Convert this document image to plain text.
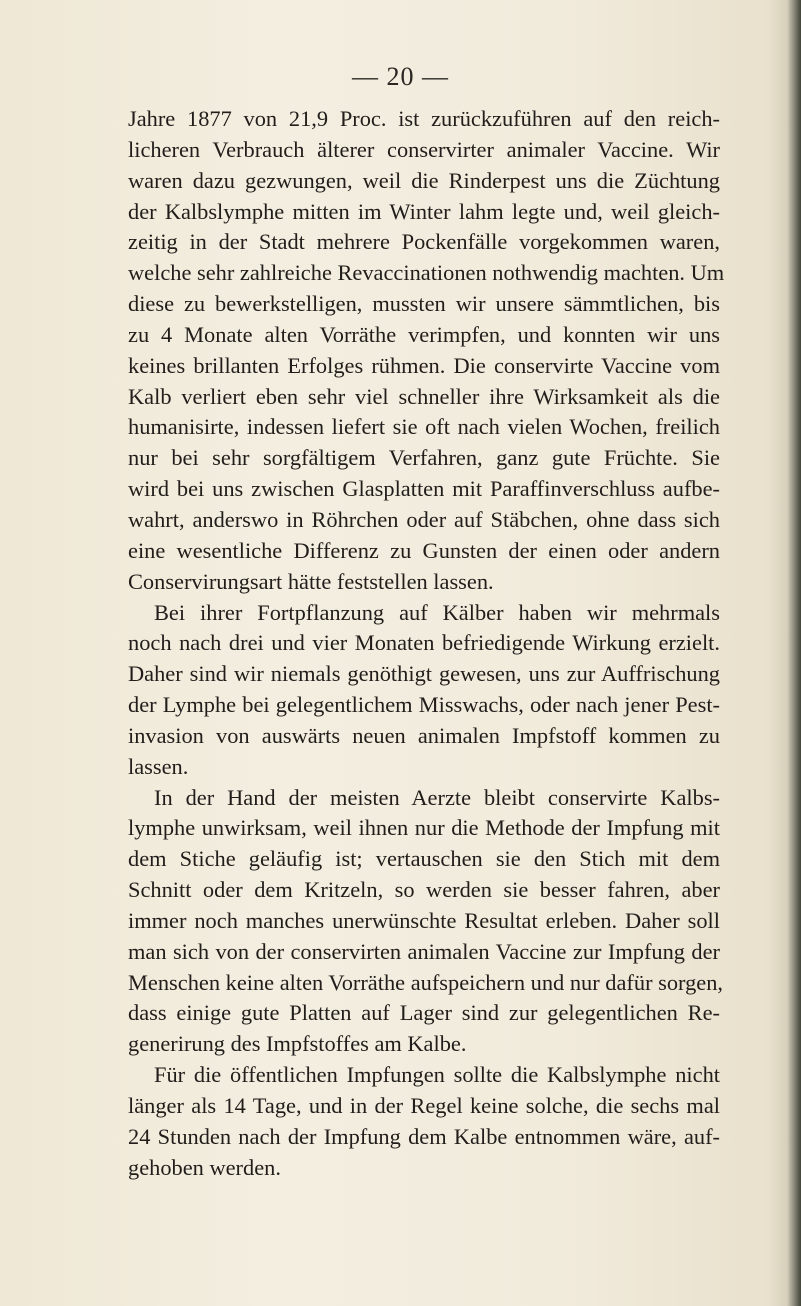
— 20 —
Jahre 1877 von 21,9 Proc. ist zurückzuführen auf den reich-
licheren Verbrauch älterer conservirter animaler Vaccine. Wir
waren dazu gezwungen, weil die Rinderpest uns die Züchtung
der Kalbslymphe mitten im Winter lahm legte und, weil gleich-
zeitig in der Stadt mehrere Pockenfälle vorgekommen waren,
welche sehr zahlreiche Revaccinationen nothwendig machten. Um
diese zu bewerkstelligen, mussten wir unsere sämmtlichen, bis
zu 4 Monate alten Vorräthe verimpfen, und konnten wir uns
keines brillanten Erfolges rühmen. Die conservirte Vaccine vom
Kalb verliert eben sehr viel schneller ihre Wirksamkeit als die
humanisirte, indessen liefert sie oft nach vielen Wochen, freilich
nur bei sehr sorgfältigem Verfahren, ganz gute Früchte. Sie
wird bei uns zwischen Glasplatten mit Paraffinverschluss aufbe-
wahrt, anderswo in Röhrchen oder auf Stäbchen, ohne dass sich
eine wesentliche Differenz zu Gunsten der einen oder andern
Conservirungsart hätte feststellen lassen.
Bei ihrer Fortpflanzung auf Kälber haben wir mehrmals
noch nach drei und vier Monaten befriedigende Wirkung erzielt.
Daher sind wir niemals genöthigt gewesen, uns zur Auffrischung
der Lymphe bei gelegentlichem Misswachs, oder nach jener Pest-
invasion von auswärts neuen animalen Impfstoff kommen zu
lassen.
In der Hand der meisten Aerzte bleibt conservirte Kalbs-
lymphe unwirksam, weil ihnen nur die Methode der Impfung mit
dem Stiche geläufig ist; vertauschen sie den Stich mit dem
Schnitt oder dem Kritzeln, so werden sie besser fahren, aber
immer noch manches unerwünschte Resultat erleben. Daher soll
man sich von der conservirten animalen Vaccine zur Impfung der
Menschen keine alten Vorräthe aufspeichern und nur dafür sorgen,
dass einige gute Platten auf Lager sind zur gelegentlichen Re-
generirung des Impfstoffes am Kalbe.
Für die öffentlichen Impfungen sollte die Kalbslymphe nicht
länger als 14 Tage, und in der Regel keine solche, die sechs mal
24 Stunden nach der Impfung dem Kalbe entnommen wäre, auf-
gehoben werden.
